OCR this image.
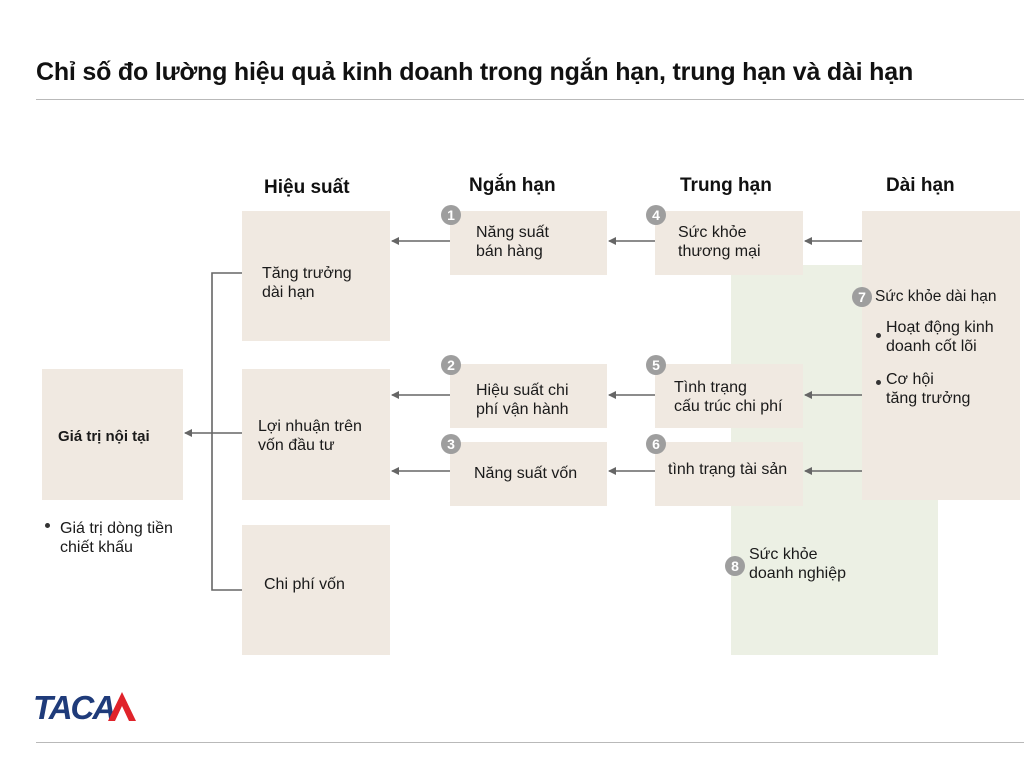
Chỉ số đo lường hiệu quả kinh doanh trong ngắn hạn, trung hạn và dài hạn
Hiệu suất	Ngắn hạn	Trung hạn	Dài hạn
Giá trị nội tại
Giá trị dòng tiền
chiết khấu
Tăng trưởng
dài hạn
Lợi nhuận trên
vốn đầu tư
Chi phí vốn
Năng suất
bán hàng
Hiệu suất chi
phí vận hành
Năng suất vốn
Sức khỏe
thương mại
Tình trạng
cấu trúc chi phí
tình trạng tài sản
Sức khỏe dài hạn
Hoạt động kinh
doanh cốt lõi
Cơ hội
tăng trưởng
Sức khỏe
doanh nghiệp
1
2
3
4
5
6
7
8
TACA
